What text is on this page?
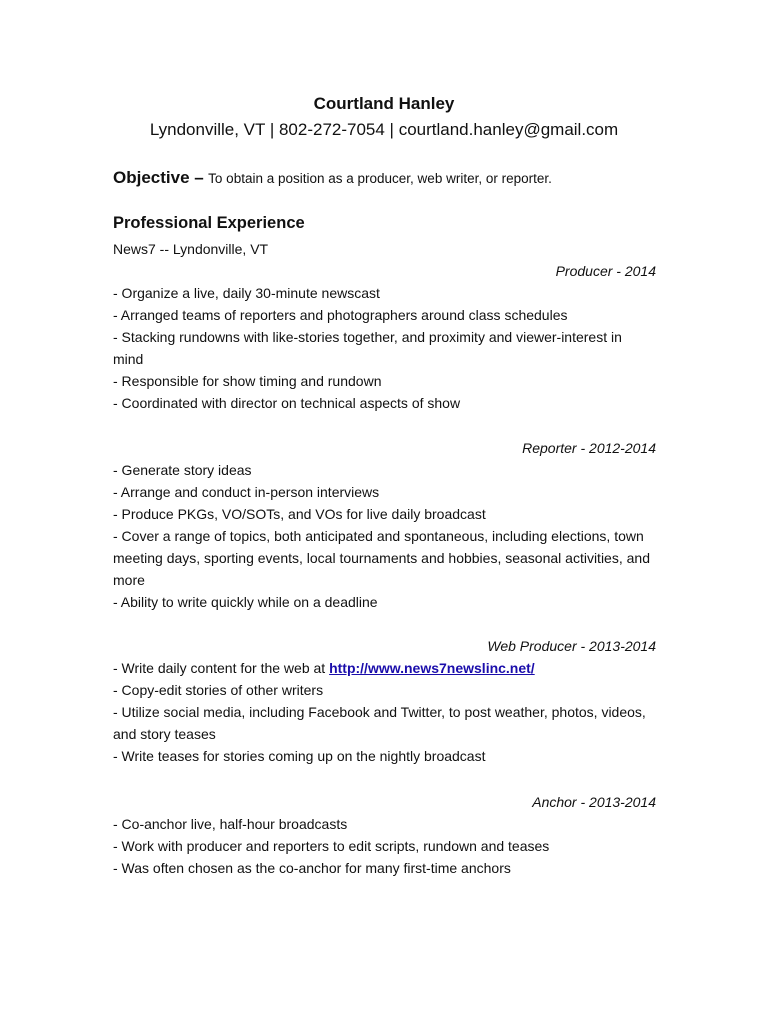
Courtland Hanley
Lyndonville, VT | 802-272-7054 | courtland.hanley@gmail.com
Objective – To obtain a position as a producer, web writer, or reporter.
Professional Experience
News7 -- Lyndonville, VT
Producer - 2014
- Organize a live, daily 30-minute newscast
- Arranged teams of reporters and photographers around class schedules
- Stacking rundowns with like-stories together, and proximity and viewer-interest in mind
- Responsible for show timing and rundown
- Coordinated with director on technical aspects of show
Reporter - 2012-2014
- Generate story ideas
- Arrange and conduct in-person interviews
- Produce PKGs, VO/SOTs, and VOs for live daily broadcast
- Cover a range of topics, both anticipated and spontaneous, including elections, town meeting days, sporting events, local tournaments and hobbies, seasonal activities, and more
- Ability to write quickly while on a deadline
Web Producer - 2013-2014
- Write daily content for the web at http://www.news7newslinc.net/
- Copy-edit stories of other writers
- Utilize social media, including Facebook and Twitter, to post weather, photos, videos, and story teases
- Write teases for stories coming up on the nightly broadcast
Anchor - 2013-2014
- Co-anchor live, half-hour broadcasts
- Work with producer and reporters to edit scripts, rundown and teases
- Was often chosen as the co-anchor for many first-time anchors
